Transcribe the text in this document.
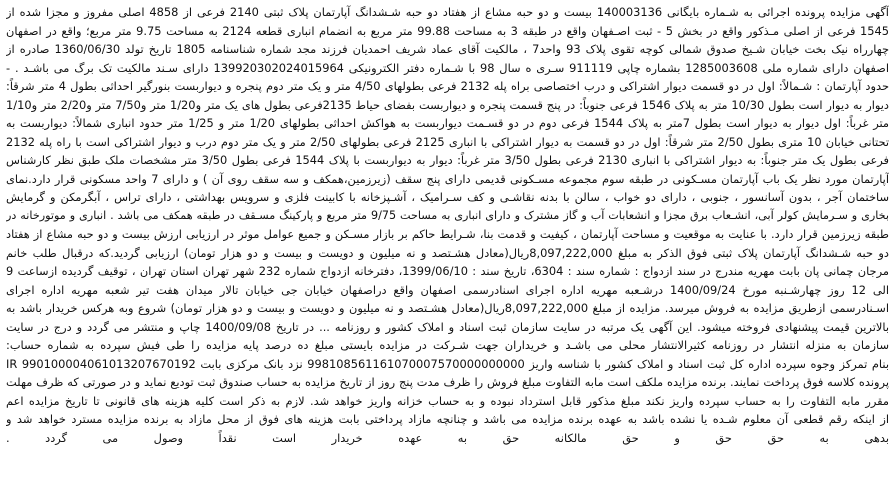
آگهی مزایده پرونده اجرائی به شـماره بایگانی 140003136 بیست و دو حبه مشاع از هفتاد دو حبه شـشدانگ آپارتمان پلاک ثبتی 2140 فرعی از 4858 اصلی مفروز و مجزا شده از
1545 فرعی از اصلی مـذکور واقع در بخش 5 - ثبت اصـفهان واقع در طبقه 3 به مساحت 99.88 متر مربع به انضمام انباری قطعه 2124 به مساحت 9.75 متر مربع؛ واقع در اصفهان
چهارراه نیک بخت خیابان شـیخ صدوق شمالی کوچه تقوی پلاک 93 واحد7 ، مالکیت آقای عماد شریف احمدیان فرزند مجد شماره شناسنامه 1805 تاریخ تولد 1360/06/30 صادره از
اصفهان دارای شماره ملی 1285003608 بشماره چاپی 911119 سـری ه سال 98 با شـماره دفتر الکترونیکی 139920302024015964 دارای سـند مالکیت تک برگ می باشـد . -
حدود آپارتمان : شـمالاً: اول در دو قسمت دیوار اشتراکی و درب اختصاصی براه پله 2132 فرعی بطولهای 4/50 متر و یک متر دوم پنجره و دیواربست بنورگیر احداثی بطول 4 متر شرقاً:
دیوار به دیوار است بطول 10/30 متر به پلاک 1546 فرعی جنوباً: در پنج قسمت پنجره و دیواربست بفضای حیاط 2135فرعی بطول های یک متر و1/20 متر و7/50 متر و2/20 متر و1/10
متر غرباً: اول دیوار به دیوار است بطول 7متر به پلاک 1544 فرعی دوم در دو قسـمت دیواربست به هواکش احداثی بطولهای 1/20 متر و 1/25 متر حدود انباری شمالاً: دیواربست به
تحتانی خیابان 10 متری بطول 2/50 متر شرقاً: اول در دو قسمت به دیوار اشتراکی با انباری 2125 فرعی بطولهای 2/50 متر و یک متر دوم درب و دیوار اشتراکی است با راه پله 2132
فرعی بطول یک متر جنوباً: به دیوار اشتراکی با انباری 2130 فرعی بطول 3/50 متر غرباً: دیوار به دیواربست با پلاک 1544 فرعی بطول 3/50 متر مشخصات ملک طبق نظر کارشناس
آپارتمان مورد نظر یک باب آپارتمان مسـکونی در طبقه سوم مجموعه مسـکونی قدیمی دارای پنج سقف (زیرزمین،همکف و سه سقف روی آن ) و دارای 7 واحد مسکونی قرار دارد.نمای
ساختمان آجر ، بدون آسانسور ، جنوبی ، دارای دو خواب ، سالن با بدنه نقاشـی و کف سـرامیک ، آشـپزخانه با کابینت فلزی و سرویس بهداشتی ، دارای تراس ، آبگرمکن و گرمایش
بخاری و سـرمایش کولر آبی، انشـعاب برق مجزا و انشعابات آب و گاز مشترک و دارای انباری به مساحت 9/75 متر مربع و پارکینگ مسـقف در طبقه همکف می باشد . انباری و موتورخانه در
طبقه زیرزمین قرار دارد. با عنایت به موقعیت و مساحت آپارتمان ، کیفیت و قدمت بنا، شـرایط حاکم بر بازار مسـکن و جمیع عوامل موثر در ارزیابی ارزش بیست و دو حبه مشاع از هفتاد
دو حبه شـشدانگ آپارتمان پلاک ثبتی فوق الذکر به مبلغ 8,097,222,000ریال(معادل هشـتصد و نه میلیون و دویست و بیست و دو هزار تومان) ارزیابی گردید.که درقبال طلب خانم
مرجان چمانی پان بابت مهریه مندرج در سند ازدواج : شماره سند : 6304، تاریخ سند : 1399/06/10، دفترخانه ازدواج شماره 232 شهر تهران استان تهران ، توقیف گردیده ازساعت 9
الی 12 روز چهارشـنبه مورخ 1400/09/24 درشـعبه مهریه اداره اجرای اسنادرسمی اصفهان واقع دراصفهان خیابان جی خیابان تالار میدان هفت تیر شعبه مهریه اداره اجرای
اسـنادرسمی ازطریق مزایده به فروش میرسد. مزایده از مبلغ 8,097,222,000ریال(معادل هشـتصد و نه میلیون و دویست و بیست و دو هزار تومان) شروع وبه هرکس خریدار باشد به
بالاترین قیمت پیشنهادی فروخته میشود. این آگهی یک مرتبه در سایت سازمان ثبت اسناد و املاک کشور و روزنامه ... در تاریخ 1400/09/08 چاپ و منتشر می گردد و درج در سایت
سازمان به منزله انتشار در روزنامه کثیرالانتشار محلی می باشـد و خریداران جهت شـرکت در مزایده بایستی مبلغ ده درصد پایه مزایده را طی فیش سپرده به شماره حساب:
IR 990100004061013207670192 بنام تمرکز وجوه سپرده اداره کل ثبت اسناد و املاک کشور با شناسه واریز 998108561161070007570000000000 نزد بانک مرکزی بابت
پرونده کلاسه فوق پرداخت نمایند. برنده مزایده ملکف است مابه التفاوت مبلغ فروش را ظرف مدت پنج روز از تاریخ مزایده به حساب صندوق ثبت تودیع نماید و در صورتی که ظرف مهلت
مقرر مابه التفاوت را به حساب سپرده واریز نکند مبلغ مذکور قابل استرداد نبوده و به حساب خزانه واریز خواهد شد. لازم به ذکر است کلیه هزینه های قانونی تا تاریخ مزایده اعم
از اینکه رقم قطعی آن معلوم شـده یا نشده باشد به عهده برنده مزایده می باشد و چنانچه مازاد پرداختی بابت هزینه های فوق از محل مازاد به برنده مزایده مسترد خواهد شد و
بدهی به حق حق و حق مالکانه حق به عهده خریدار است نقداً وصول می گردد .
